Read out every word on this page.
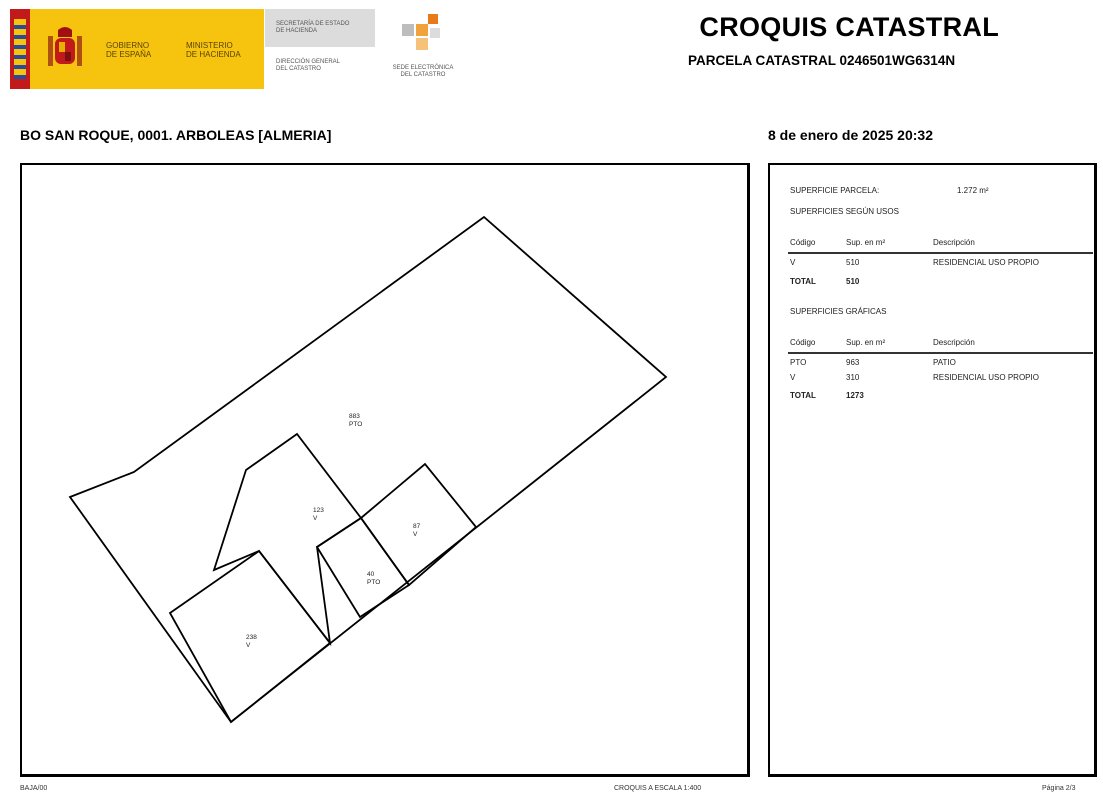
GOBIERNO
DE ESPAÑA
MINISTERIO
DE HACIENDA
SECRETARÍA DE ESTADO
DE HACIENDA
DIRECCIÓN GENERAL
DEL CATASTRO	SEDE ELECTRÓNICA
DEL CATASTRO
CROQUIS CATASTRAL
PARCELA CATASTRAL 0246501WG6314N
BO SAN ROQUE, 0001. ARBOLEAS [ALMERIA]	8 de enero de 2025 20:32
883
PTO
123
V
87
V
40
PTO
238
V
SUPERFICIE PARCELA:	1.272 m²
SUPERFICIES SEGÚN USOS
Código	Sup. en m²	Descripción
V	510	RESIDENCIAL USO PROPIO
TOTAL	510
SUPERFICIES GRÁFICAS
Código	Sup. en m²	Descripción
PTO	963	PATIO
V	310	RESIDENCIAL USO PROPIO
TOTAL	1273
BAJA/00	CROQUIS A ESCALA 1:400	Página 2/3
